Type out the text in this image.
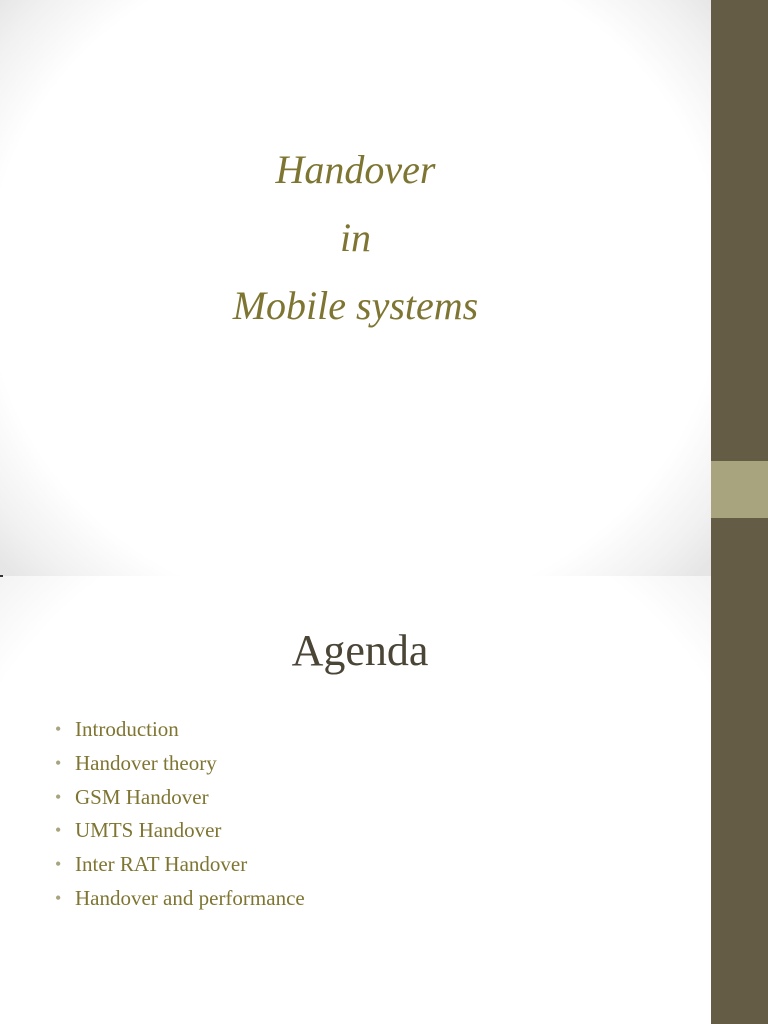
Handover
in
Mobile systems
Agenda
• Introduction
• Handover theory
• GSM Handover
• UMTS Handover
• Inter RAT Handover
• Handover and performance
